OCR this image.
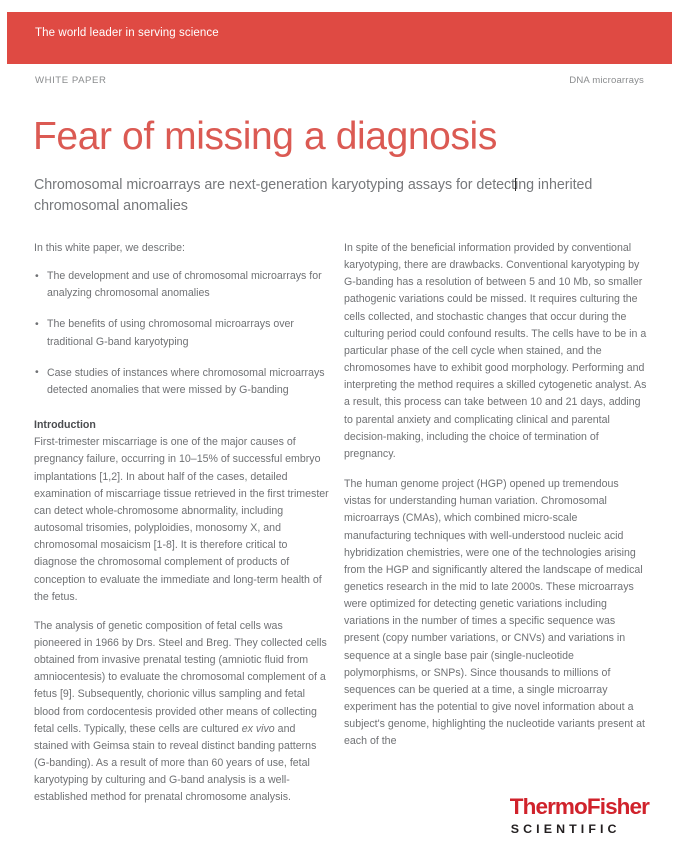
The world leader in serving science
WHITE PAPER	DNA microarrays
Fear of missing a diagnosis

Chromosomal microarrays are next-generation karyotyping assays for detecting inherited chromosomal anomalies

In this white paper, we describe:

• The development and use of chromosomal microarrays for analyzing chromosomal anomalies
• The benefits of using chromosomal microarrays over traditional G-band karyotyping
• Case studies of instances where chromosomal microarrays detected anomalies that were missed by G-banding
Introduction

First-trimester miscarriage is one of the major causes of pregnancy failure, occurring in 10–15% of successful embryo implantations [1,2]. In about half of the cases, detailed examination of miscarriage tissue retrieved in the first trimester can detect whole-chromosome abnormality, including autosomal trisomies, polyploidies, monosomy X, and chromosomal mosaicism [1-8]. It is therefore critical to diagnose the chromosomal complement of products of conception to evaluate the immediate and long-term health of the fetus.

The analysis of genetic composition of fetal cells was pioneered in 1966 by Drs. Steel and Breg. They collected cells obtained from invasive prenatal testing (amniotic fluid from amniocentesis) to evaluate the chromosomal complement of a fetus [9]. Subsequently, chorionic villus sampling and fetal blood from cordocentesis provided other means of collecting fetal cells. Typically, these cells are cultured ex vivo and stained with Geimsa stain to reveal distinct banding patterns (G-banding). As a result of more than 60 years of use, fetal karyotyping by culturing and G-band analysis is a well-established method for prenatal chromosome analysis.

In spite of the beneficial information provided by conventional karyotyping, there are drawbacks. Conventional karyotyping by G-banding has a resolution of between 5 and 10 Mb, so smaller pathogenic variations could be missed. It requires culturing the cells collected, and stochastic changes that occur during the culturing period could confound results. The cells have to be in a particular phase of the cell cycle when stained, and the chromosomes have to exhibit good morphology. Performing and interpreting the method requires a skilled cytogenetic analyst. As a result, this process can take between 10 and 21 days, adding to parental anxiety and complicating clinical and parental decision-making, including the choice of termination of pregnancy.

The human genome project (HGP) opened up tremendous vistas for understanding human variation. Chromosomal microarrays (CMAs), which combined micro-scale manufacturing techniques with well-understood nucleic acid hybridization chemistries, were one of the technologies arising from the HGP and significantly altered the landscape of medical genetics research in the mid to late 2000s. These microarrays were optimized for detecting genetic variations including variations in the number of times a specific sequence was present (copy number variations, or CNVs) and variations in sequence at a single base pair (single-nucleotide polymorphisms, or SNPs). Since thousands to millions of sequences can be queried at a time, a single microarray experiment has the potential to give novel information about a subject's genome, highlighting the nucleotide variants present at each of the

ThermoFisher
SCIENTIFIC
